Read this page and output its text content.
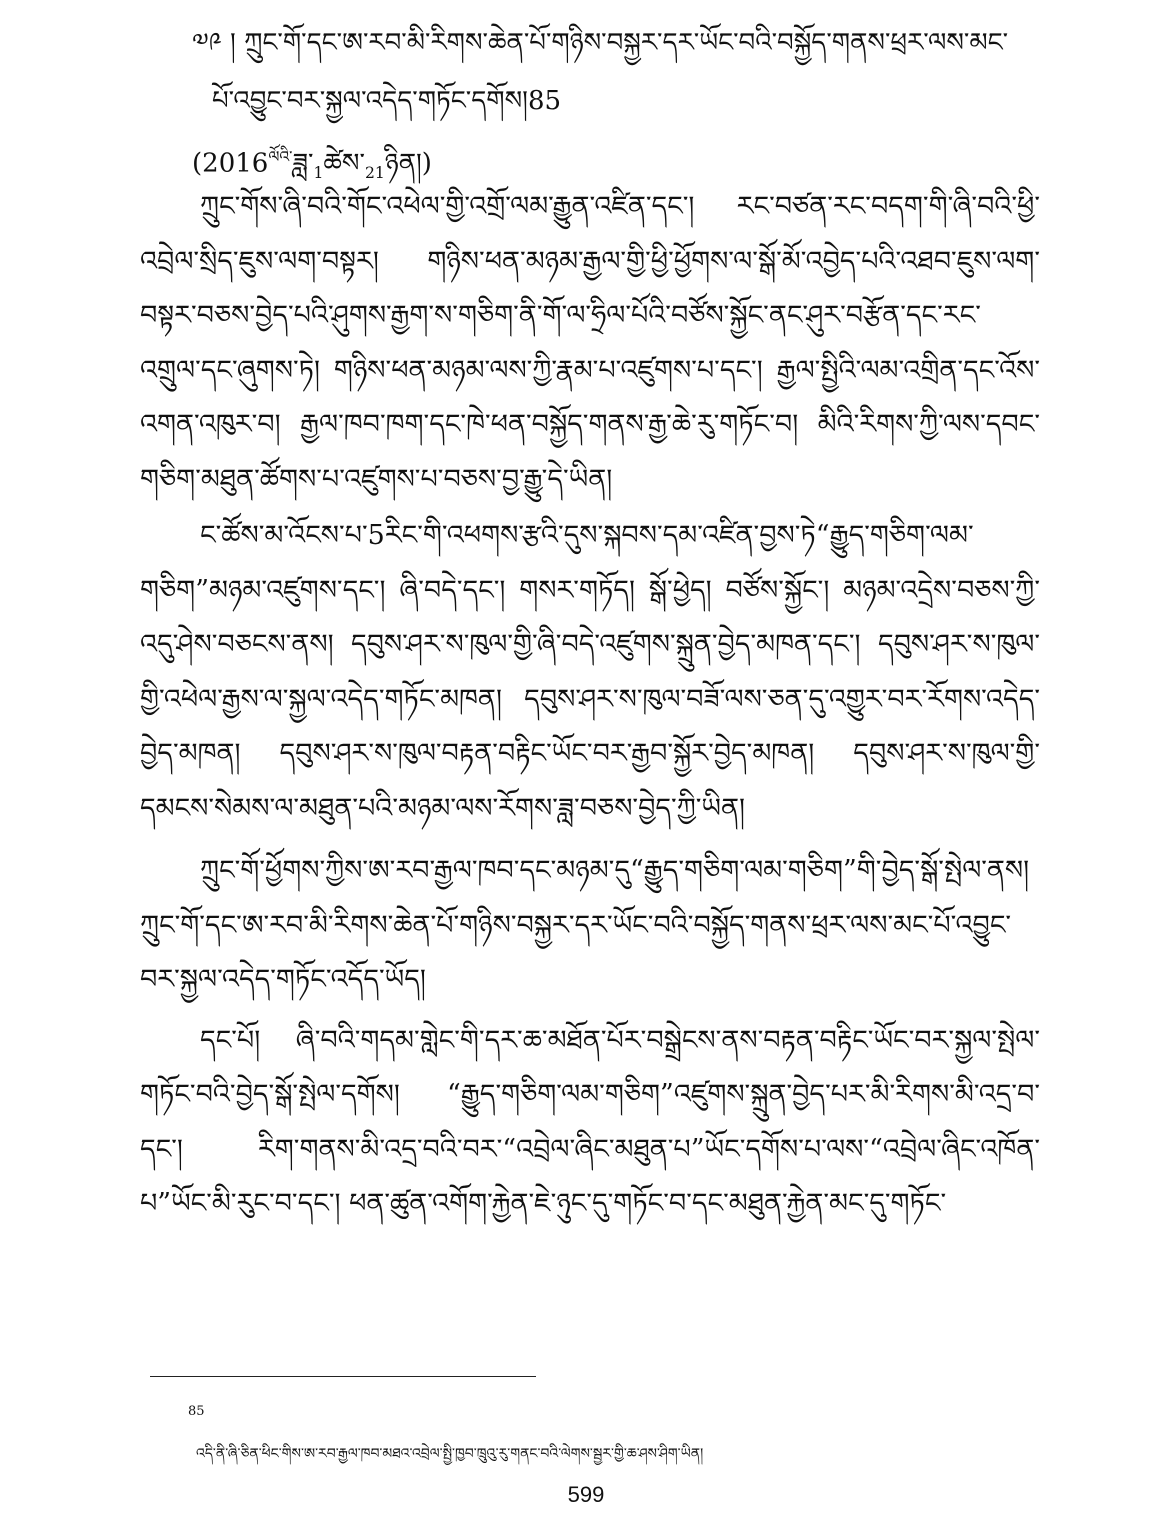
༧༩ ། ཀྲུང་གོ་དང་ཨ་རབ་མི་རིགས་ཆེན་པོ་གཉིས་བསྐྱར་དར་ཡོང་བའི་བསྐྱོད་གནས་ཕྲར་ལས་མང་
པོ་འབྱུང་བར་སྐྱལ་འདེད་གཏོང་དགོས།85
$(2016^{ལོའི་}ཟླ་_1ཚེས་_{21}ཉིན།)$

ཀྲུང་གོས་ཞི་བའི་གོང་འཕེལ་གྱི་འགྲོ་ལམ་རྒྱུན་འཛིན་དང་། རང་བཙན་རང་བདག་གི་ཞི་བའི་ཕྱི་འབྲེལ་སྲིད་ཇུས་ལག་བསྟར། གཉིས་ཕན་མཉམ་རྒྱལ་གྱི་ཕྱི་ཕྱོགས་ལ་སྒོ་མོ་འབྱེད་པའི་འཐབ་ཇུས་ལག་བསྟར་བཅས་བྱེད་པའི་ཤུགས་རྒྱག་ས་གཅིག་ནི་གོ་ལ་ཧྲིལ་པོའི་བཙོས་སྐྱོང་ནང་ཤུར་བརྩོན་དང་རང་འགྲུལ་དང་ཞུགས་ཏེ། གཉིས་ཕན་མཉམ་ལས་ཀྱི་རྣམ་པ་འཛུགས་པ་དང་། རྒྱལ་སྤྱིའི་ལམ་འགྲིན་དང་འོས་འགན་འཁུར་བ། རྒྱལ་ཁབ་ཁག་དང་ཁེ་ཕན་བསྐྱོད་གནས་རྒྱ་ཆེ་རུ་གཏོང་བ། མིའི་རིགས་ཀྱི་ལས་དབང་གཅིག་མཐུན་ཚོགས་པ་འཛུགས་པ་བཅས་བྱ་རྒྱུ་དེ་ཡིན།

ང་ཚོས་མ་འོངས་པ་5རིང་གི་འཕགས་རྩའི་དུས་སྐབས་དམ་འཛིན་བྱས་ཏེ“རྒྱུད་གཅིག་ལམ་གཅིག”མཉམ་འཛུགས་དང་། ཞི་བདེ་དང་། གསར་གཏོད། སྒོ་ཕྱེད། བཙོས་སྐྱོང་། མཉམ་འདྲེས་བཅས་ཀྱི་འདུ་ཤེས་བཅངས་ནས། དབུས་ཤར་ས་ཁུལ་གྱི་ཞི་བདེ་འཛུགས་སྐྲུན་བྱེད་མཁན་དང་། དབུས་ཤར་ས་ཁུལ་གྱི་འཕེལ་རྒྱས་ལ་སྐྱལ་འདེད་གཏོང་མཁན། དབུས་ཤར་ས་ཁུལ་བཟོ་ལས་ཅན་དུ་འགྱུར་བར་རོགས་འདེད་བྱེད་མཁན། དབུས་ཤར་ས་ཁུལ་བརྟན་བརྟིང་ཡོང་བར་རྒྱབ་སྐྱོར་བྱེད་མཁན། དབུས་ཤར་ས་ཁུལ་གྱི་དམངས་སེམས་ལ་མཐུན་པའི་མཉམ་ལས་རོགས་ཟླ་བཅས་བྱེད་ཀྱི་ཡིན།

ཀྲུང་གོ་ཕྱོགས་ཀྱིས་ཨ་རབ་རྒྱལ་ཁབ་དང་མཉམ་དུ“རྒྱུད་གཅིག་ལམ་གཅིག”གི་བྱེད་སྒོ་སྤེལ་ནས། ཀྲུང་གོ་དང་ཨ་རབ་མི་རིགས་ཆེན་པོ་གཉིས་བསྐྱར་དར་ཡོང་བའི་བསྐྱོད་གནས་ཕྲར་ལས་མང་པོ་འབྱུང་བར་སྐྱལ་འདེད་གཏོང་འདོད་ཡོད།

དང་པོ། ཞི་བའི་གདམ་གླེང་གི་དར་ཆ་མཐོན་པོར་བསྒྲེངས་ནས་བརྟན་བརྟིང་ཡོང་བར་སྐྱལ་སྤེལ་གཏོང་བའི་བྱེད་སྒོ་སྤེལ་དགོས། “རྒྱུད་གཅིག་ལམ་གཅིག”འཛུགས་སྐྲུན་བྱེད་པར་མི་རིགས་མི་འདྲ་བ་དང་། རིག་གནས་མི་འདྲ་བའི་བར་“འབྲེལ་ཞིང་མཐུན་པ”ཡོང་དགོས་པ་ལས་“འབྲེལ་ཞིང་འཁོན་པ”ཡོང་མི་རུང་བ་དང་། ཕན་ཚུན་འགོག་རྐྱེན་ཇེ་ཉུང་དུ་གཏོང་བ་དང་མཐུན་རྐྱེན་མང་དུ་གཏོང་

85
འདི་ནི་ཞི་ཅིན་ཕིང་གིས་ཨ་རབ་རྒྱལ་ཁབ་མཐའ་འབྲེལ་སྤྱི་ཁྱབ་ཁྲུའུ་རུ་གནང་བའི་ལེགས་སྦྱར་གྱི་ཆ་ཤས་ཤིག་ཡིན།
599
